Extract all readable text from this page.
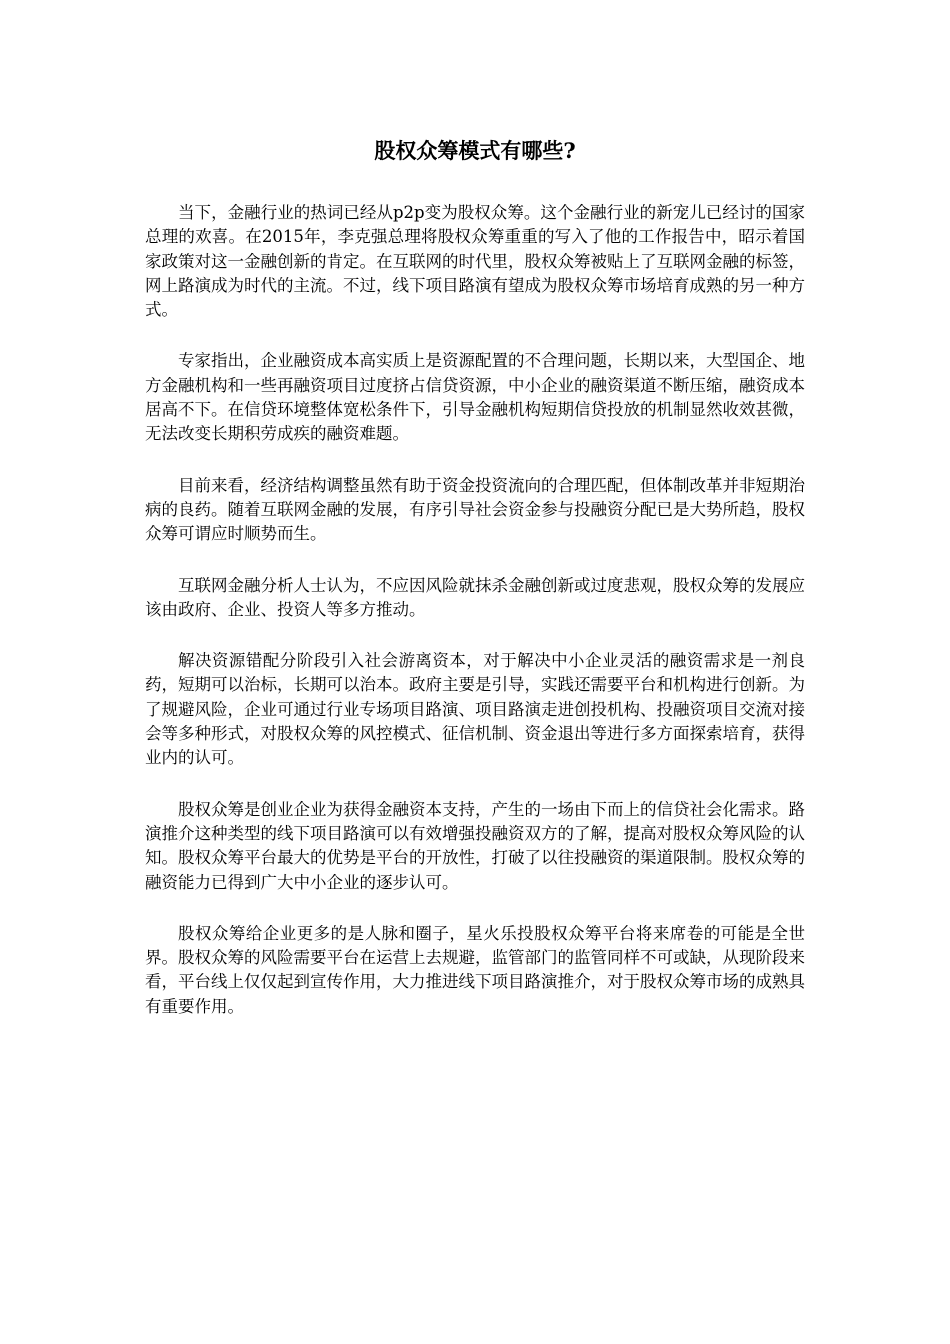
股权众筹模式有哪些?

当下，金融行业的热词已经从p2p变为股权众筹。这个金融行业的新宠儿已经讨的国家总理的欢喜。在2015年，李克强总理将股权众筹重重的写入了他的工作报告中，昭示着国家政策对这一金融创新的肯定。在互联网的时代里，股权众筹被贴上了互联网金融的标签，网上路演成为时代的主流。不过，线下项目路演有望成为股权众筹市场培育成熟的另一种方式。

专家指出，企业融资成本高实质上是资源配置的不合理问题，长期以来，大型国企、地方金融机构和一些再融资项目过度挤占信贷资源，中小企业的融资渠道不断压缩，融资成本居高不下。在信贷环境整体宽松条件下，引导金融机构短期信贷投放的机制显然收效甚微，无法改变长期积劳成疾的融资难题。

目前来看，经济结构调整虽然有助于资金投资流向的合理匹配，但体制改革并非短期治病的良药。随着互联网金融的发展，有序引导社会资金参与投融资分配已是大势所趋，股权众筹可谓应时顺势而生。

互联网金融分析人士认为，不应因风险就抹杀金融创新或过度悲观，股权众筹的发展应该由政府、企业、投资人等多方推动。

解决资源错配分阶段引入社会游离资本，对于解决中小企业灵活的融资需求是一剂良药，短期可以治标，长期可以治本。政府主要是引导，实践还需要平台和机构进行创新。为了规避风险，企业可通过行业专场项目路演、项目路演走进创投机构、投融资项目交流对接会等多种形式，对股权众筹的风控模式、征信机制、资金退出等进行多方面探索培育，获得业内的认可。

股权众筹是创业企业为获得金融资本支持，产生的一场由下而上的信贷社会化需求。路演推介这种类型的线下项目路演可以有效增强投融资双方的了解，提高对股权众筹风险的认知。股权众筹平台最大的优势是平台的开放性，打破了以往投融资的渠道限制。股权众筹的融资能力已得到广大中小企业的逐步认可。

股权众筹给企业更多的是人脉和圈子，星火乐投股权众筹平台将来席卷的可能是全世界。股权众筹的风险需要平台在运营上去规避，监管部门的监管同样不可或缺，从现阶段来看，平台线上仅仅起到宣传作用，大力推进线下项目路演推介，对于股权众筹市场的成熟具有重要作用。
